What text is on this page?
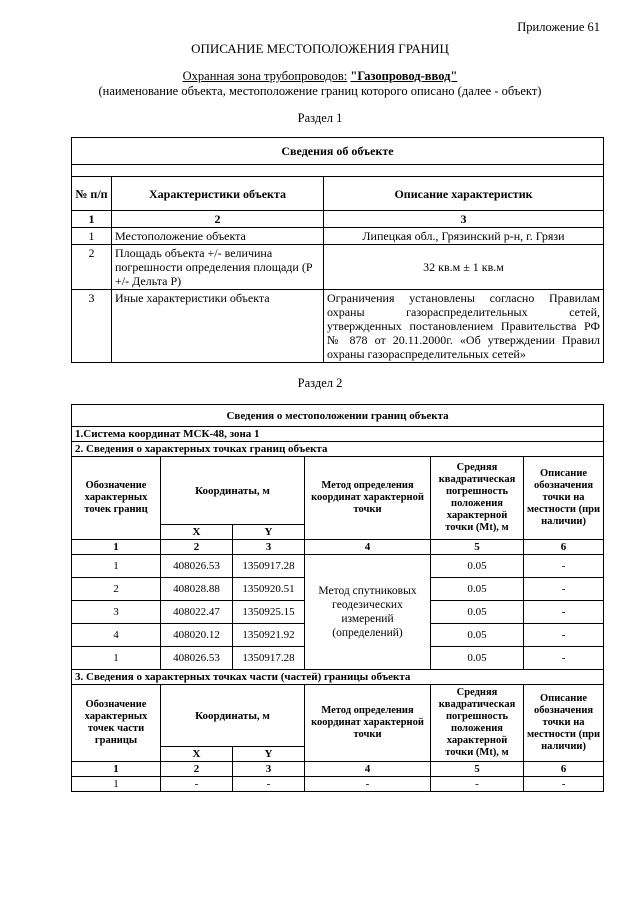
Приложение 61
ОПИСАНИЕ МЕСТОПОЛОЖЕНИЯ ГРАНИЦ
Охранная зона трубопроводов: "Газопровод-ввод"
(наименование объекта, местоположение границ которого описано (далее - объект)
Раздел 1
Сведения об объекте		

№ п/п	Характеристики объекта	Описание характеристик
1	2	3
1	Местоположение объекта	Липецкая обл., Грязинский р-н, г. Грязи
2	Площадь объекта +/- величина погрешности определения площади (Р +/- Дельта Р)	32 кв.м ± 1 кв.м
3	Иные характеристики объекта	Ограничения установлены согласно Правилам охраны газораспределительных сетей, утвержденных постановлением Правительства РФ № 878 от 20.11.2000г. «Об утверждении Правил охраны газораспределительных сетей»
Раздел 2
Сведения о местоположении границ объекта					
1.Система координат МСК-48, зона 1					
2. Сведения о характерных точках границ объекта					
Обозначение характерных точек границ	Координаты, м		Метод определения координат характерной точки	Средняя квадратическая погрешность положения характерной точки (Mt), м	Описание обозначения точки на местности (при наличии)
	X	Y			
1	2	3	4	5	6
1	408026.53	1350917.28	Метод спутниковых геодезических измерений (определений)	0.05	-
2	408028.88	1350920.51		0.05	-
3	408022.47	1350925.15		0.05	-
4	408020.12	1350921.92		0.05	-
1	408026.53	1350917.28		0.05	-
3. Сведения о характерных точках части (частей) границы объекта					
Обозначение характерных точек части границы	Координаты, м		Метод определения координат характерной точки	Средняя квадратическая погрешность положения характерной точки (Mt), м	Описание обозначения точки на местности (при наличии)
	X	Y			
1	2	3	4	5	6
1	-	-	-	-	-
